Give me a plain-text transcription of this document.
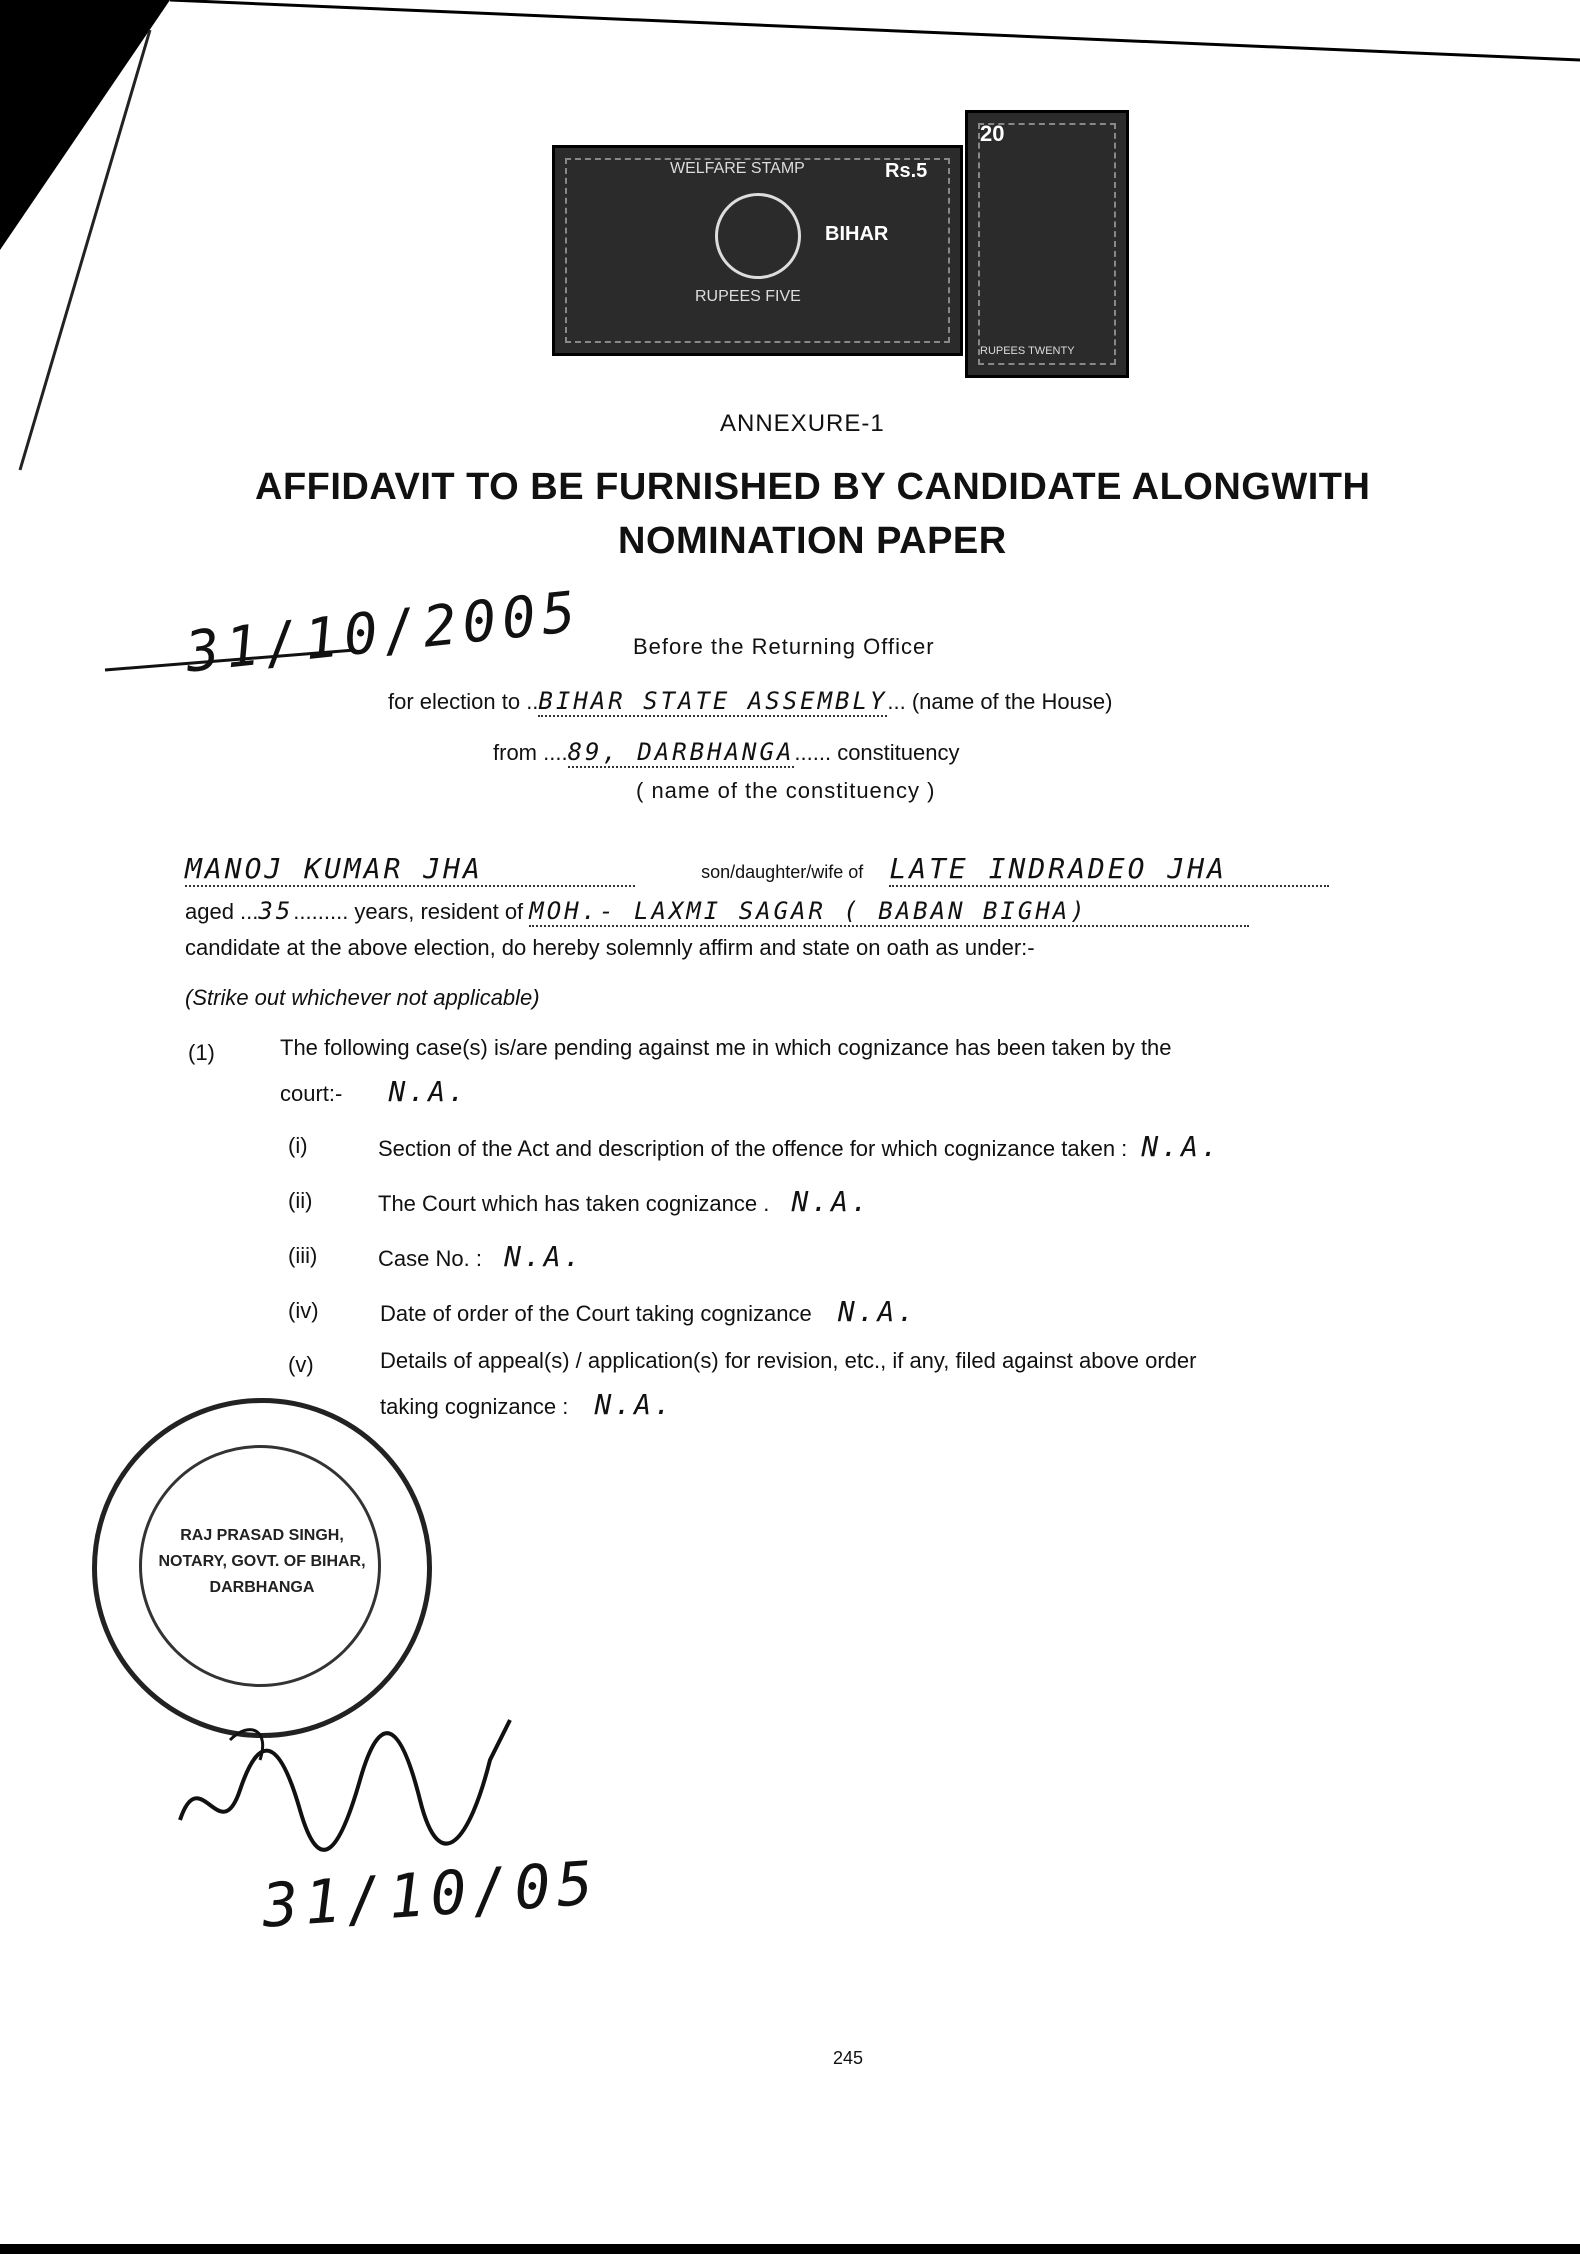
WELFARE STAMP	Rs.5
BIHAR
RUPEES FIVE
20
RUPEES TWENTY
ANNEXURE-1
AFFIDAVIT TO BE FURNISHED BY CANDIDATE ALONGWITH
NOMINATION PAPER
31/10/2005 Before the Returning Officer
for election to ..BIHAR STATE ASSEMBLY... (name of the House)
from ....89, DARBHANGA...... constituency
( name of the constituency )
MANOJ KUMAR JHA	son/daughter/wife of LATE INDRADEO JHA
aged ...35......... years, resident of MOH.- LAXMI SAGAR ( BABAN BIGHA)
candidate at the above election, do hereby solemnly affirm and state on oath as under:-
(Strike out whichever not applicable)
(1)	The following case(s) is/are pending against me in which cognizance has been taken by the
court:- N.A.
(i)	Section of the Act and description of the offence for which cognizance taken : N.A.
(ii)	The Court which has taken cognizance . N.A.
(iii)	Case No. : N.A.
(iv)	Date of order of the Court taking cognizance N.A.
(v)	Details of appeal(s) / application(s) for revision, etc., if any, filed against above order
taking cognizance : N.A.
RAJ PRASAD SINGH, NOTARY, GOVT. OF BIHAR, DARBHANGA
31/10/05
245
